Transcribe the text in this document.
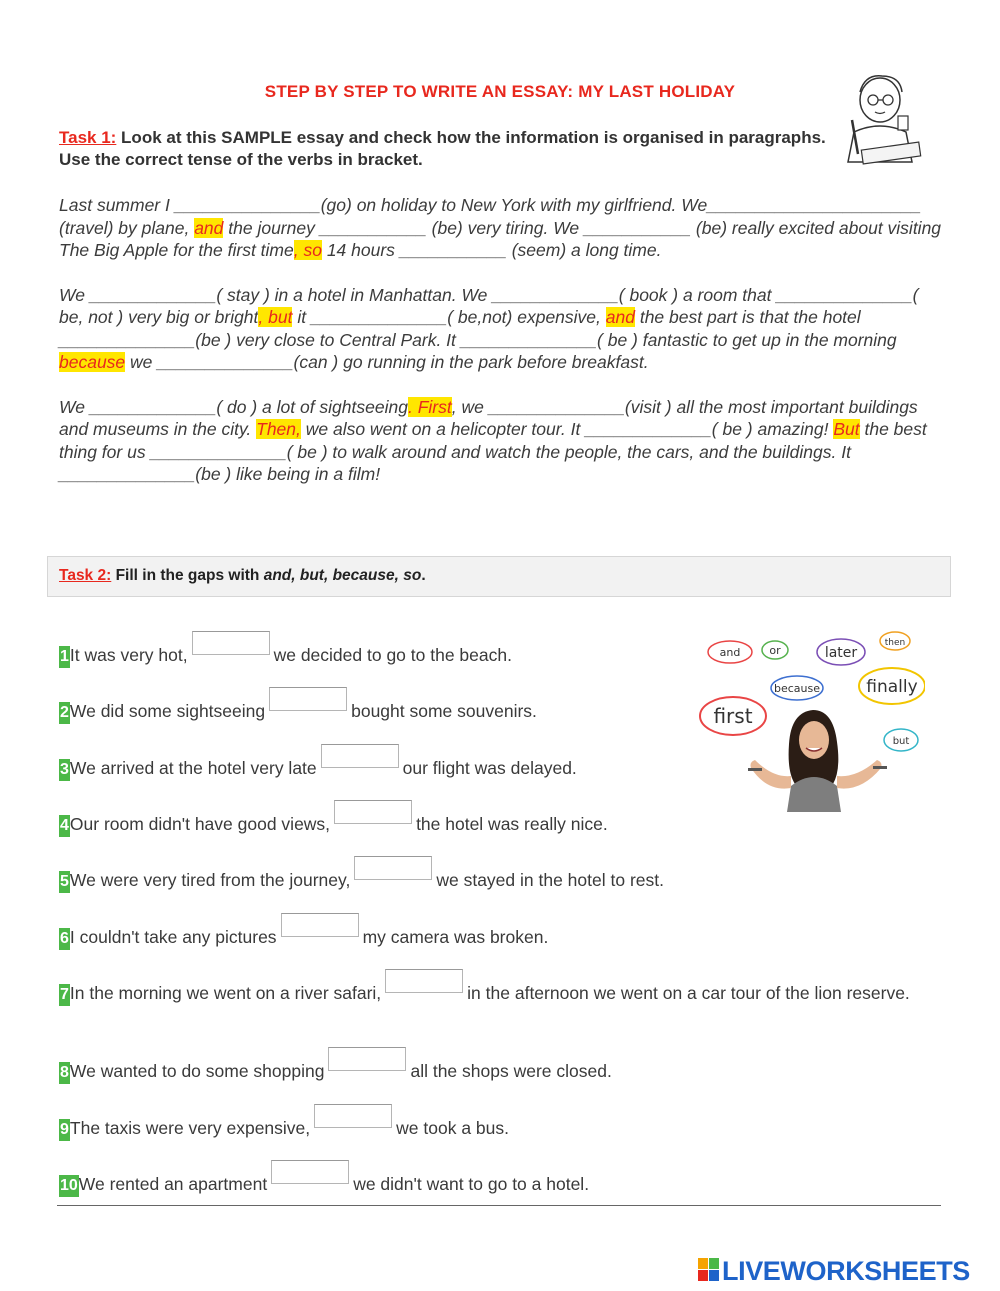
STEP BY STEP TO WRITE AN ESSAY: MY LAST HOLIDAY
Task 1: Look at this SAMPLE essay and check how the information is organised in paragraphs. Use the correct tense of the verbs in bracket.

Last summer I _______________(go) on holiday to New York with my girlfriend. We______________________ (travel) by plane, and the journey ___________ (be) very tiring. We ___________ (be) really excited about visiting The Big Apple for the first time, so 14 hours ___________ (seem) a long time.

We _____________( stay ) in a hotel in Manhattan. We _____________( book ) a room that ______________( be, not ) very big or bright, but it ______________( be,not) expensive, and the best part is that the hotel ______________(be ) very close to Central Park. It ______________( be ) fantastic to get up in the morning because we ______________(can ) go running in the park before breakfast.

We _____________( do ) a lot of sightseeing. First, we ______________(visit ) all the most important buildings and museums in the city. Then, we also went on a helicopter tour. It _____________( be ) amazing! But the best thing for us ______________( be ) to walk around and watch the people, the cars, and the buildings. It ______________(be ) like being in a film!

Task 2: Fill in the gaps with and, but, because, so.
1It was very hot,	we decided to go to the beach.
2We did some sightseeing	bought some souvenirs.
3We arrived at the hotel very late	our flight was delayed.
4Our room didn't have good views,	the hotel was really nice.
5We were very tired from the journey,	we stayed in the hotel to rest.
6I couldn't take any pictures	my camera was broken.
7In the morning we went on a river safari,	in the afternoon we went on a car tour of the lion reserve.
8We wanted to do some shopping	all the shops were closed.
9The taxis were very expensive,	we took a bus.
10We rented an apartment	we didn't want to go to a hotel.
and	or	later
then
because	finally
first
but
LIVEWORKSHEETS
